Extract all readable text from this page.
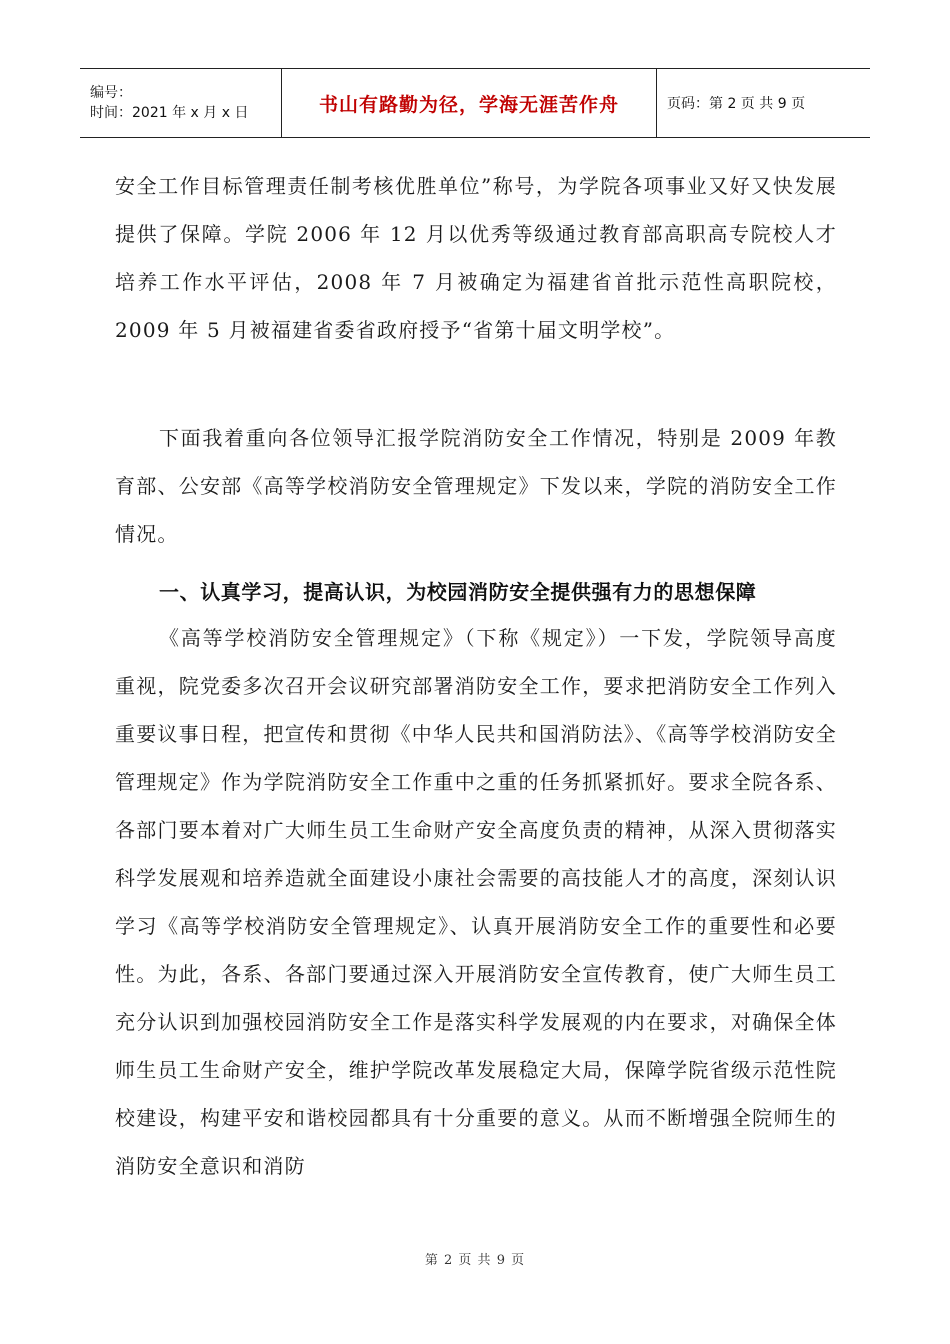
编号：
时间：2021 年 x 月 x 日	书山有路勤为径，学海无涯苦作舟	页码：第 2 页 共 9 页

安全工作目标管理责任制考核优胜单位”称号，为学院各项事业又好又快发展提供了保障。学院 2006 年 12 月以优秀等级通过教育部高职高专院校人才培养工作水平评估，2008 年 7 月被确定为福建省首批示范性高职院校，2009 年 5 月被福建省委省政府授予“省第十届文明学校”。

下面我着重向各位领导汇报学院消防安全工作情况，特别是 2009 年教育部、公安部《高等学校消防安全管理规定》下发以来，学院的消防安全工作情况。

一、认真学习，提高认识，为校园消防安全提供强有力的思想保障

《高等学校消防安全管理规定》（下称《规定》）一下发，学院领导高度重视，院党委多次召开会议研究部署消防安全工作，要求把消防安全工作列入重要议事日程，把宣传和贯彻《中华人民共和国消防法》、《高等学校消防安全管理规定》作为学院消防安全工作重中之重的任务抓紧抓好。要求全院各系、各部门要本着对广大师生员工生命财产安全高度负责的精神，从深入贯彻落实科学发展观和培养造就全面建设小康社会需要的高技能人才的高度，深刻认识学习《高等学校消防安全管理规定》、认真开展消防安全工作的重要性和必要性。为此，各系、各部门要通过深入开展消防安全宣传教育，使广大师生员工充分认识到加强校园消防安全工作是落实科学发展观的内在要求，对确保全体师生员工生命财产安全，维护学院改革发展稳定大局，保障学院省级示范性院校建设，构建平安和谐校园都具有十分重要的意义。从而不断增强全院师生的消防安全意识和消防

第 2 页 共 9 页
